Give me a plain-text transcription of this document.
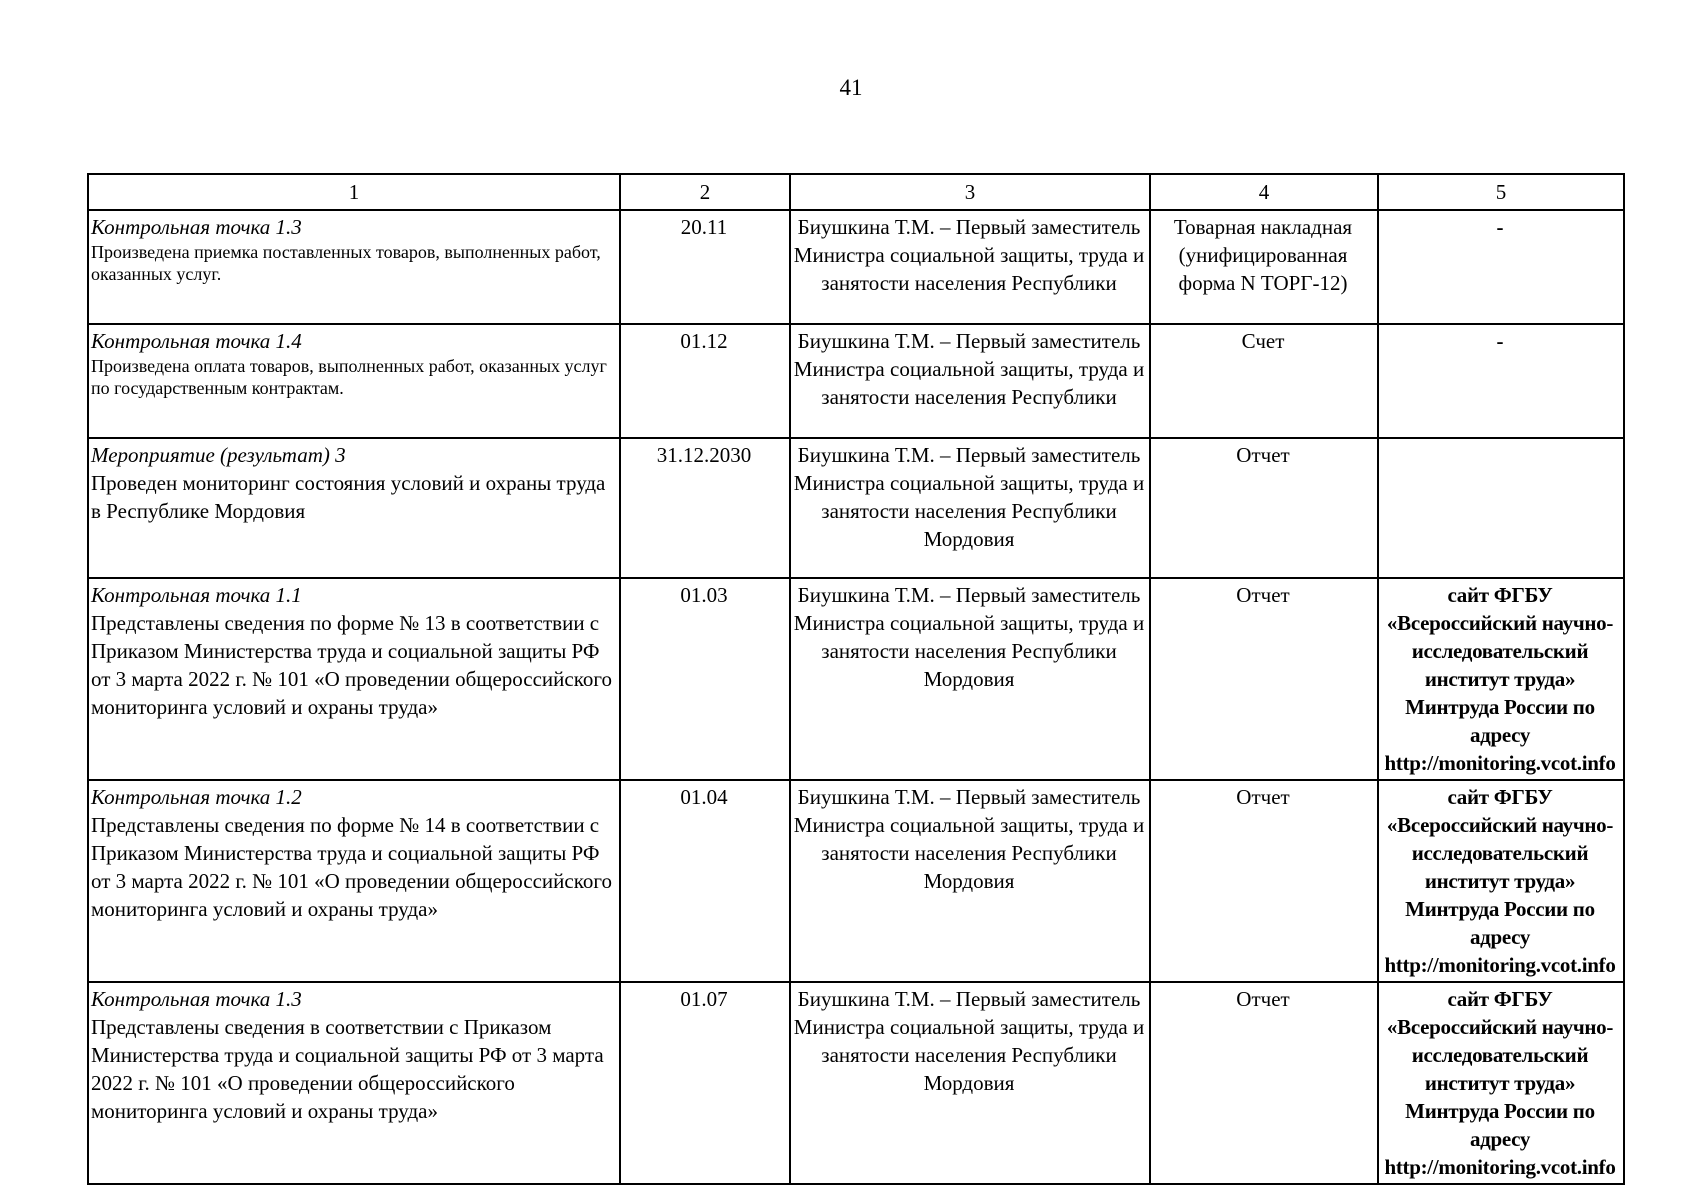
41
1	2	3	4	5

Контрольная точка 1.3
Произведена приемка поставленных товаров, выполненных работ, оказанных услуг.	20.11	Биушкина Т.М. – Первый заместитель Министра социальной защиты, труда и занятости населения Республики	Товарная накладная (унифицированная форма N ТОРГ-12)	-

Контрольная точка 1.4
Произведена оплата товаров, выполненных работ, оказанных услуг по государственным контрактам.	01.12	Биушкина Т.М. – Первый заместитель Министра социальной защиты, труда и занятости населения Республики	Счет	-

Мероприятие (результат) 3
Проведен мониторинг состояния условий и охраны труда в Республике Мордовия	31.12.2030	Биушкина Т.М. – Первый заместитель Министра социальной защиты, труда и занятости населения Республики Мордовия	Отчет	

Контрольная точка 1.1
Представлены сведения по форме № 13 в соответствии с Приказом Министерства труда и социальной защиты РФ от 3 марта 2022 г. № 101 «О проведении общероссийского мониторинга условий и охраны труда»	01.03	Биушкина Т.М. – Первый заместитель Министра социальной защиты, труда и занятости населения Республики Мордовия	Отчет	сайт ФГБУ «Всероссийский научно-исследовательский институт труда» Минтруда России по адресу http://monitoring.vcot.info

Контрольная точка 1.2
Представлены сведения по форме № 14 в соответствии с Приказом Министерства труда и социальной защиты РФ от 3 марта 2022 г. № 101 «О проведении общероссийского мониторинга условий и охраны труда»	01.04	Биушкина Т.М. – Первый заместитель Министра социальной защиты, труда и занятости населения Республики Мордовия	Отчет	сайт ФГБУ «Всероссийский научно-исследовательский институт труда» Минтруда России по адресу http://monitoring.vcot.info

Контрольная точка 1.3
Представлены сведения в соответствии с Приказом Министерства труда и социальной защиты РФ от 3 марта 2022 г. № 101 «О проведении общероссийского мониторинга условий и охраны труда»	01.07	Биушкина Т.М. – Первый заместитель Министра социальной защиты, труда и занятости населения Республики Мордовия	Отчет	сайт ФГБУ «Всероссийский научно-исследовательский институт труда» Минтруда России по адресу http://monitoring.vcot.info
